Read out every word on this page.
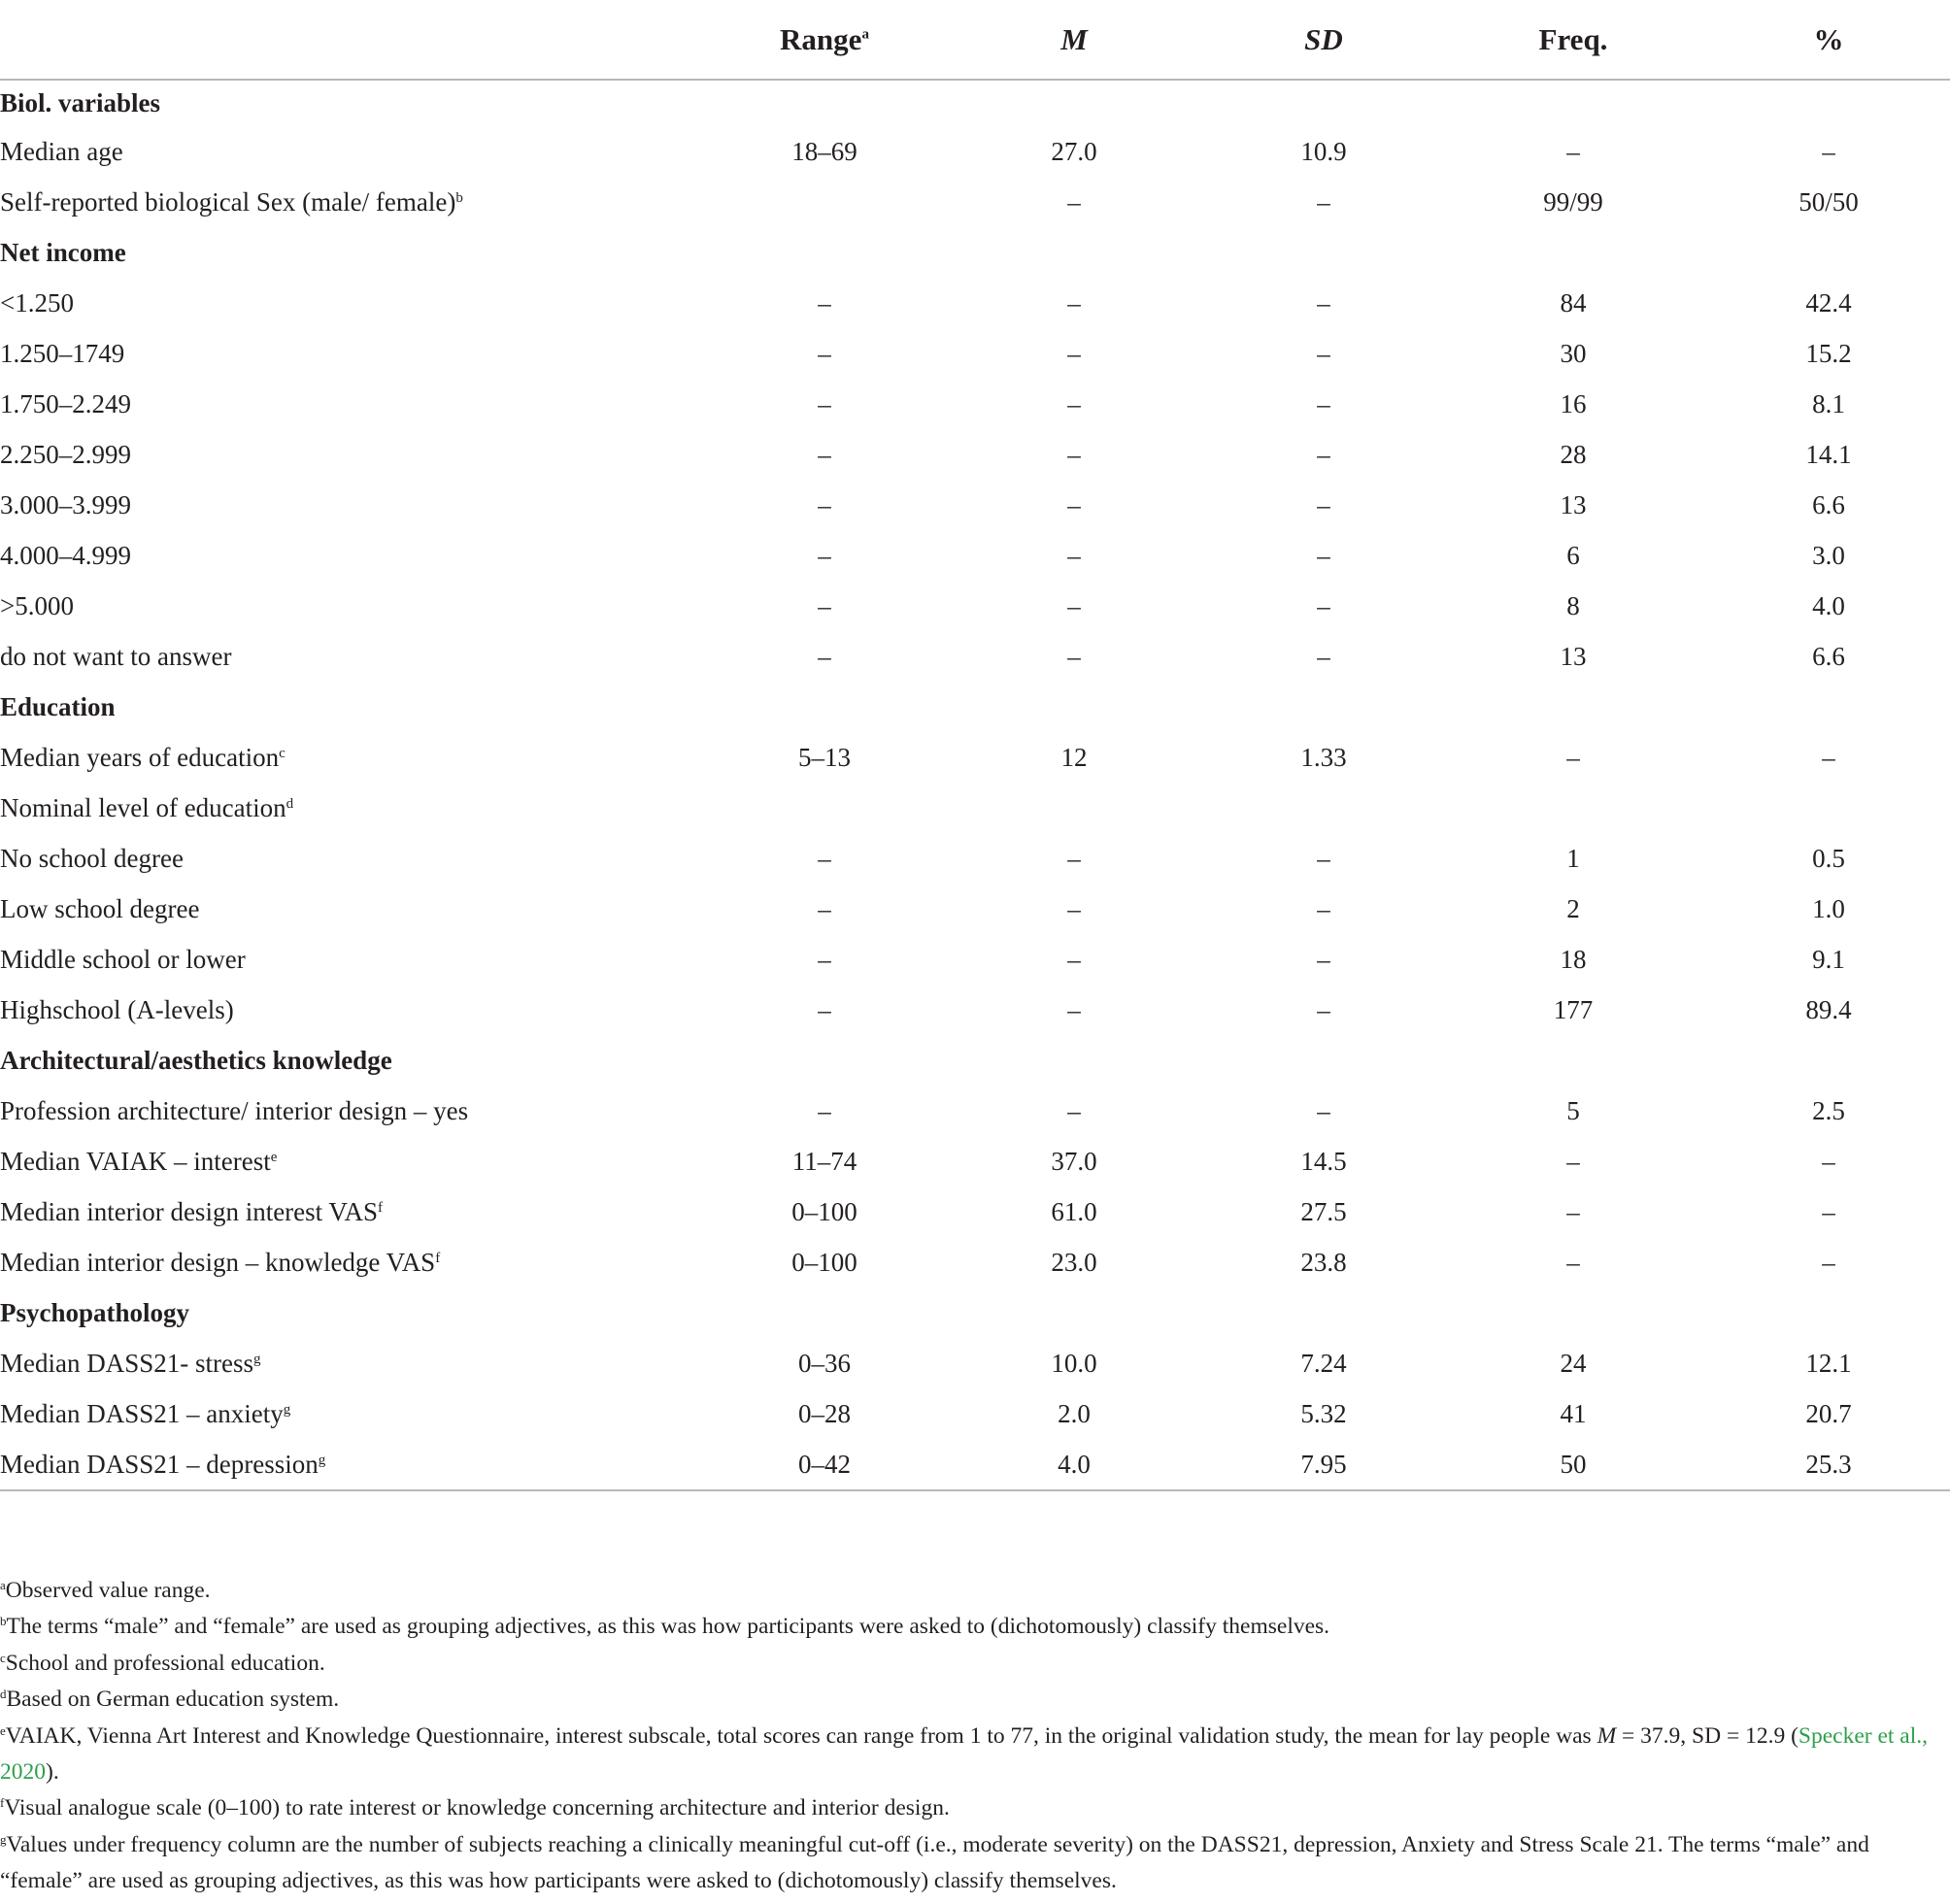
	Range$^a$	M	SD	Freq.	%
Biol. variables					
Median age	18–69	27.0	10.9	–	–
Self-reported biological Sex (male/ female)$^b$		–	–	99/99	50/50
Net income					
<1.250	–	–	–	84	42.4
1.250–1749	–	–	–	30	15.2
1.750–2.249	–	–	–	16	8.1
2.250–2.999	–	–	–	28	14.1
3.000–3.999	–	–	–	13	6.6
4.000–4.999	–	–	–	6	3.0
>5.000	–	–	–	8	4.0
do not want to answer	–	–	–	13	6.6
Education					
Median years of education$^c$	5–13	12	1.33	–	–
Nominal level of education$^d$					
No school degree	–	–	–	1	0.5
Low school degree	–	–	–	2	1.0
Middle school or lower	–	–	–	18	9.1
Highschool (A-levels)	–	–	–	177	89.4
Architectural/aesthetics knowledge					
Profession architecture/ interior design – yes	–	–	–	5	2.5
Median VAIAK – interest$^e$	11–74	37.0	14.5	–	–
Median interior design interest VAS$^f$	0–100	61.0	27.5	–	–
Median interior design – knowledge VAS$^f$	0–100	23.0	23.8	–	–
Psychopathology					
Median DASS21- stress$^g$	0–36	10.0	7.24	24	12.1
Median DASS21 – anxiety$^g$	0–28	2.0	5.32	41	20.7
Median DASS21 – depression$^g$	0–42	4.0	7.95	50	25.3

$^a$Observed value range.

$^b$The terms “male” and “female” are used as grouping adjectives, as this was how participants were asked to (dichotomously) classify themselves.

$^c$School and professional education.

$^d$Based on German education system.

$^e$VAIAK, Vienna Art Interest and Knowledge Questionnaire, interest subscale, total scores can range from 1 to 77, in the original validation study, the mean for lay people was M = 37.9, SD = 12.9 (Specker et al., 2020).

$^f$Visual analogue scale (0–100) to rate interest or knowledge concerning architecture and interior design.

$^g$Values under frequency column are the number of subjects reaching a clinically meaningful cut-off (i.e., moderate severity) on the DASS21, depression, Anxiety and Stress Scale 21. The terms “male” and “female” are used as grouping adjectives, as this was how participants were asked to (dichotomously) classify themselves.
